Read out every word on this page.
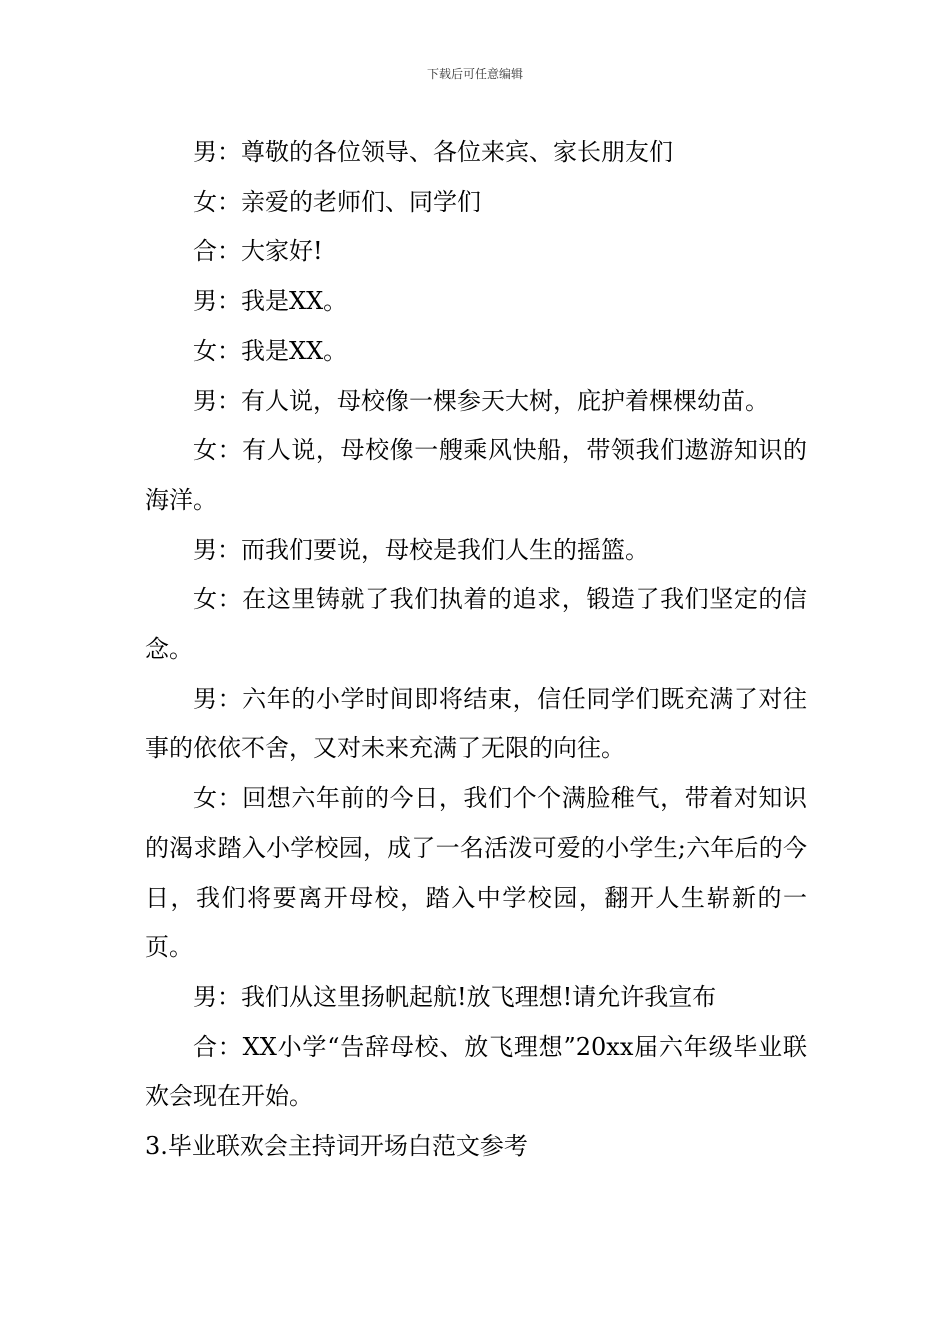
下载后可任意编辑

男：尊敬的各位领导、各位来宾、家长朋友们

女：亲爱的老师们、同学们

合：大家好!

男：我是XX。

女：我是XX。

男：有人说，母校像一棵参天大树，庇护着棵棵幼苗。

女：有人说，母校像一艘乘风快船，带领我们遨游知识的海洋。

男：而我们要说，母校是我们人生的摇篮。

女：在这里铸就了我们执着的追求，锻造了我们坚定的信念。

男：六年的小学时间即将结束，信任同学们既充满了对往事的依依不舍，又对未来充满了无限的向往。

女：回想六年前的今日，我们个个满脸稚气，带着对知识的渴求踏入小学校园，成了一名活泼可爱的小学生;六年后的今日，我们将要离开母校，踏入中学校园，翻开人生崭新的一页。

男：我们从这里扬帆起航!放飞理想!请允许我宣布

合：XX小学“告辞母校、放飞理想”20xx届六年级毕业联欢会现在开始。

3.毕业联欢会主持词开场白范文参考
